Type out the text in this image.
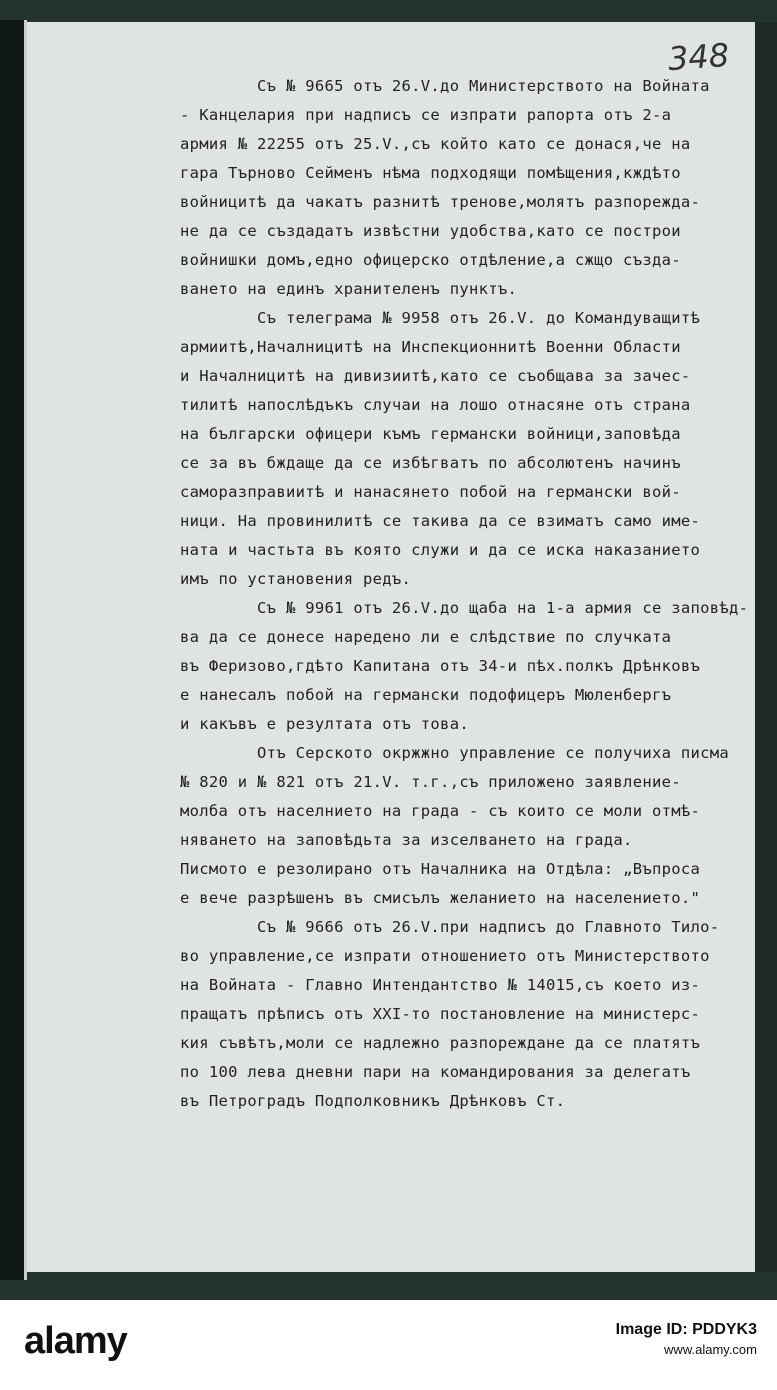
348
Съ № 9665 отъ 26.V.до Министерството на Войната
- Канцелария при надписъ се изпрати рапорта отъ 2-а
армия № 22255 отъ 25.V.,съ който като се донася,че на
гара Търново Сейменъ нѣма подходящи помѣщения,кждѣто
войницитѣ да чакатъ разнитѣ тренове,молятъ разпорежда-
не да се създадатъ извѣстни удобства,като се построи
войнишки домъ,едно офицерско отдѣление,а сжщо създа-
ването на единъ хранителенъ пунктъ.
Съ телеграма № 9958 отъ 26.V. до Командуващитѣ
армиитѣ,Началницитѣ на Инспекционнитѣ Военни Области
и Началницитѣ на дивизиитѣ,като се съобщава за зачес-
тилитѣ напослѣдъкъ случаи на лошо отнасяне отъ страна
на български офицери къмъ германски войници,заповѣда
се за въ бждаще да се избѣгватъ по абсолютенъ начинъ
саморазправиитѣ и нанасянето побой на германски вой-
ници. На провинилитѣ се такива да се взиматъ само име-
ната и частьта въ която служи и да се иска наказанието
имъ по установения редъ.
Съ № 9961 отъ 26.V.до щаба на 1-а армия се заповѣд-
ва да се донесе наредено ли е слѣдствие по случката
въ Феризово,гдѣто Капитана отъ 34-и пѣх.полкъ Дрѣнковъ
е нанесалъ побой на германски подофицеръ Мюленбергъ
и какъвъ е резултата отъ това.
Отъ Серското окржжно управление се получиха писма
№ 820 и № 821 отъ 21.V. т.г.,съ приложено заявление-
молба отъ населнието на града - съ които се моли отмѣ-
няването на заповѣдьта за изселването на града.
Писмото е резолирано отъ Началника на Отдѣла: „Въпроса
е вече разрѣшенъ въ смисълъ желанието на населението."
Съ № 9666 отъ 26.V.при надписъ до Главното Тило-
во управление,се изпрати отношението отъ Министерството
на Войната - Главно Интендантство № 14015,съ което из-
пращатъ прѣписъ отъ XXI-то постановление на министерс-
кия съвѣтъ,моли се надлежно разпореждане да се платятъ
по 100 лева дневни пари на командирования за делегатъ
въ Петроградъ Подполковникъ Дрѣнковъ Ст.
alamy	Image ID: PDDYK3
www.alamy.com
